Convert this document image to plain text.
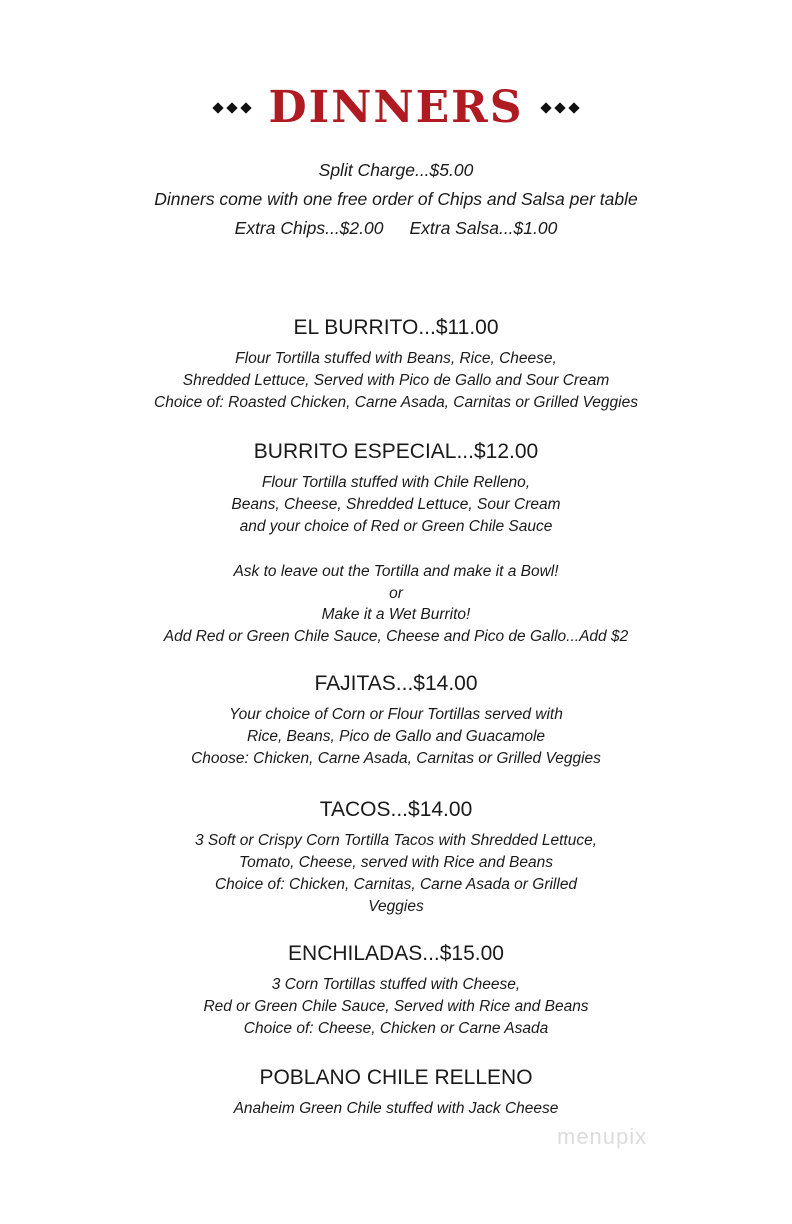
DINNERS
Split Charge...$5.00
Dinners come with one free order of Chips and Salsa per table
Extra Chips...$2.00 Extra Salsa...$1.00
EL BURRITO...$11.00
Flour Tortilla stuffed with Beans, Rice, Cheese,
Shredded Lettuce, Served with Pico de Gallo and Sour Cream
Choice of: Roasted Chicken, Carne Asada, Carnitas or Grilled Veggies
BURRITO ESPECIAL...$12.00
Flour Tortilla stuffed with Chile Relleno,
Beans, Cheese, Shredded Lettuce, Sour Cream
and your choice of Red or Green Chile Sauce
Ask to leave out the Tortilla and make it a Bowl!
or
Make it a Wet Burrito!
Add Red or Green Chile Sauce, Cheese and Pico de Gallo...Add $2
FAJITAS...$14.00
Your choice of Corn or Flour Tortillas served with
Rice, Beans, Pico de Gallo and Guacamole
Choose: Chicken, Carne Asada, Carnitas or Grilled Veggies
TACOS...$14.00
3 Soft or Crispy Corn Tortilla Tacos with Shredded Lettuce,
Tomato, Cheese, served with Rice and Beans
Choice of: Chicken, Carnitas, Carne Asada or Grilled
Veggies
ENCHILADAS...$15.00
3 Corn Tortillas stuffed with Cheese,
Red or Green Chile Sauce, Served with Rice and Beans
Choice of: Cheese, Chicken or Carne Asada
POBLANO CHILE RELLENO
Anaheim Green Chile stuffed with Jack Cheese
menupix
